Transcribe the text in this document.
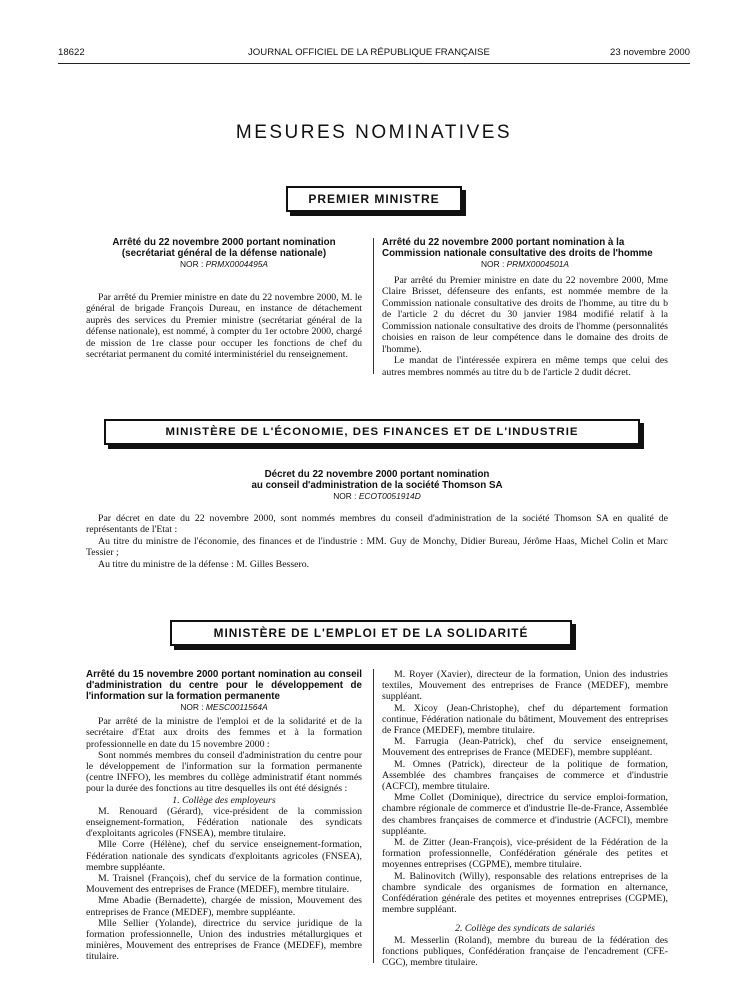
18622	JOURNAL OFFICIEL DE LA RÉPUBLIQUE FRANÇAISE	23 novembre 2000
MESURES NOMINATIVES
PREMIER MINISTRE

Arrêté du 22 novembre 2000 portant nomination (secrétariat général de la défense nationale)

NOR : PRMX0004495A

Par arrêté du Premier ministre en date du 22 novembre 2000, M. le général de brigade François Dureau, en instance de détachement auprès des services du Premier ministre (secrétariat général de la défense nationale), est nommé, à compter du 1er octobre 2000, chargé de mission de 1re classe pour occuper les fonctions de chef du secrétariat permanent du comité interministériel du renseignement.

Arrêté du 22 novembre 2000 portant nomination à la Commission nationale consultative des droits de l'homme

NOR : PRMX0004501A

Par arrêté du Premier ministre en date du 22 novembre 2000, Mme Claire Brisset, défenseure des enfants, est nommée membre de la Commission nationale consultative des droits de l'homme, au titre du b de l'article 2 du décret du 30 janvier 1984 modifié relatif à la Commission nationale consultative des droits de l'homme (personnalités choisies en raison de leur compétence dans le domaine des droits de l'homme).

Le mandat de l'intéressée expirera en même temps que celui des autres membres nommés au titre du b de l'article 2 dudit décret.

MINISTÈRE DE L'ÉCONOMIE, DES FINANCES ET DE L'INDUSTRIE

Décret du 22 novembre 2000 portant nomination
au conseil d'administration de la société Thomson SA

NOR : ECOT0051914D

Par décret en date du 22 novembre 2000, sont nommés membres du conseil d'administration de la société Thomson SA en qualité de représentants de l'Etat :

Au titre du ministre de l'économie, des finances et de l'industrie : MM. Guy de Monchy, Didier Bureau, Jérôme Haas, Michel Colin et Marc Tessier ;

Au titre du ministre de la défense : M. Gilles Bessero.

MINISTÈRE DE L'EMPLOI ET DE LA SOLIDARITÉ

Arrêté du 15 novembre 2000 portant nomination au conseil d'administration du centre pour le développement de l'information sur la formation permanente

NOR : MESC0011564A

Par arrêté de la ministre de l'emploi et de la solidarité et de la secrétaire d'Etat aux droits des femmes et à la formation professionnelle en date du 15 novembre 2000 :

Sont nommés membres du conseil d'administration du centre pour le développement de l'information sur la formation permanente (centre INFFO), les membres du collège administratif étant nommés pour la durée des fonctions au titre desquelles ils ont été désignés :

1. Collège des employeurs

M. Renouard (Gérard), vice-président de la commission enseignement-formation, Fédération nationale des syndicats d'exploitants agricoles (FNSEA), membre titulaire.

Mlle Corre (Hélène), chef du service enseignement-formation, Fédération nationale des syndicats d'exploitants agricoles (FNSEA), membre suppléante.

M. Traisnel (François), chef du service de la formation continue, Mouvement des entreprises de France (MEDEF), membre titulaire.

Mme Abadie (Bernadette), chargée de mission, Mouvement des entreprises de France (MEDEF), membre suppléante.

Mlle Sellier (Yolande), directrice du service juridique de la formation professionnelle, Union des industries métallurgiques et minières, Mouvement des entreprises de France (MEDEF), membre titulaire.

M. Royer (Xavier), directeur de la formation, Union des industries textiles, Mouvement des entreprises de France (MEDEF), membre suppléant.

M. Xicoy (Jean-Christophe), chef du département formation continue, Fédération nationale du bâtiment, Mouvement des entreprises de France (MEDEF), membre titulaire.

M. Farrugia (Jean-Patrick), chef du service enseignement, Mouvement des entreprises de France (MEDEF), membre suppléant.

M. Omnes (Patrick), directeur de la politique de formation, Assemblée des chambres françaises de commerce et d'industrie (ACFCI), membre titulaire.

Mme Collet (Dominique), directrice du service emploi-formation, chambre régionale de commerce et d'industrie Ile-de-France, Assemblée des chambres françaises de commerce et d'industrie (ACFCI), membre suppléante.

M. de Zitter (Jean-François), vice-président de la Fédération de la formation professionnelle, Confédération générale des petites et moyennes entreprises (CGPME), membre titulaire.

M. Balinovitch (Willy), responsable des relations entreprises de la chambre syndicale des organismes de formation en alternance, Confédération générale des petites et moyennes entreprises (CGPME), membre suppléant.

2. Collège des syndicats de salariés

M. Messerlin (Roland), membre du bureau de la fédération des fonctions publiques, Confédération française de l'encadrement (CFE-CGC), membre titulaire.
